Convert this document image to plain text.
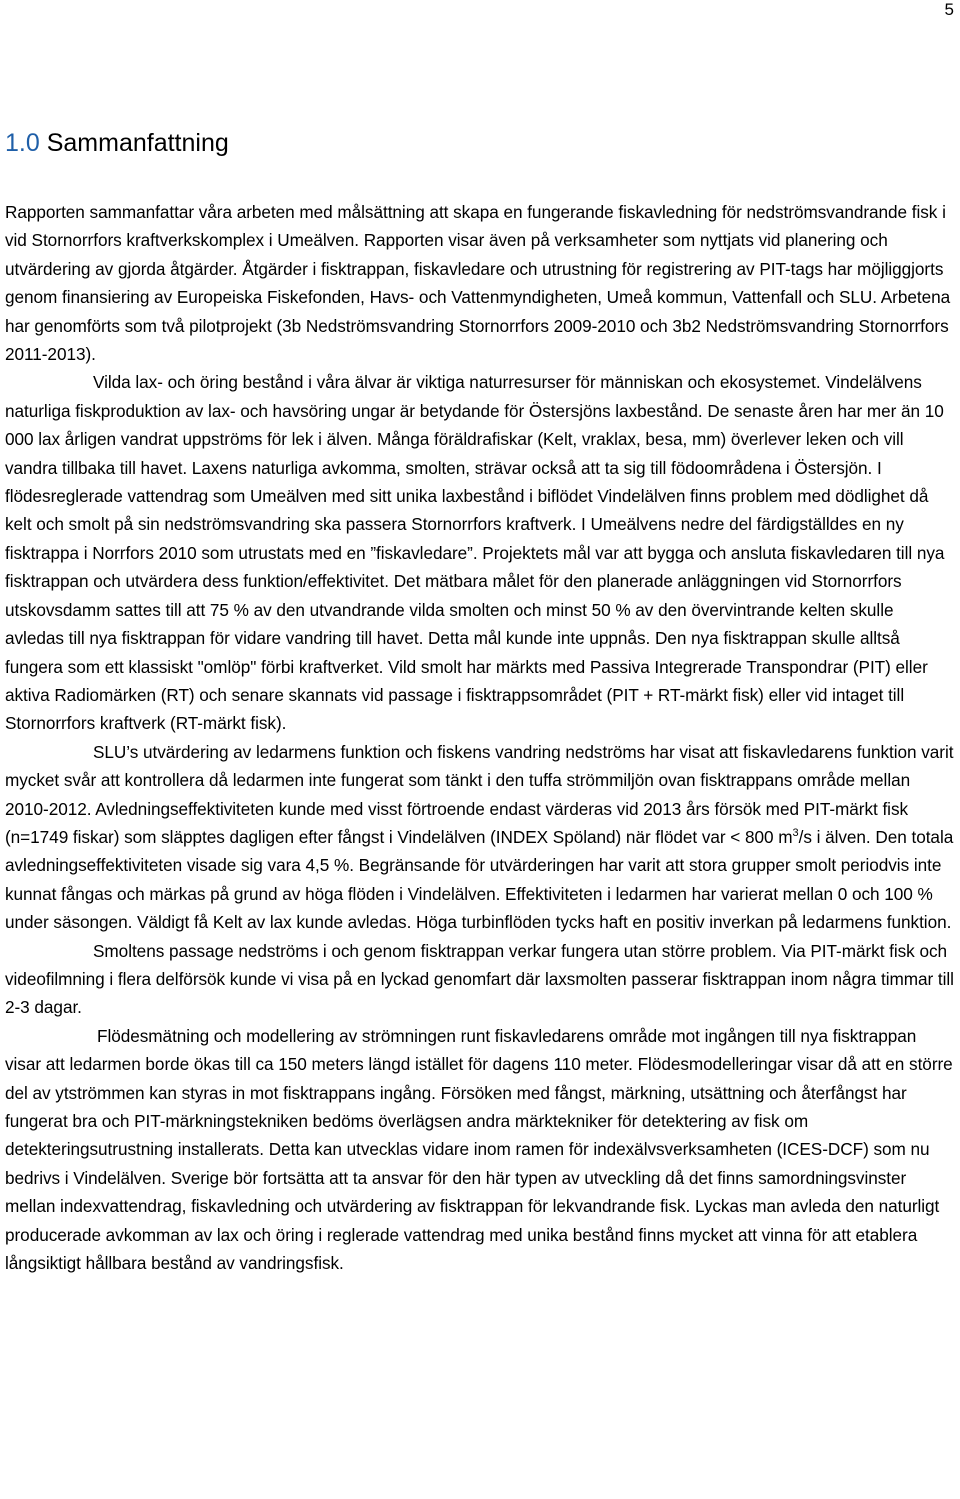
5
1.0 Sammanfattning

Rapporten sammanfattar våra arbeten med målsättning att skapa en fungerande fiskavledning för nedströmsvandrande fisk i vid Stornorrfors kraftverkskomplex i Umeälven. Rapporten visar även på verksamheter som nyttjats vid planering och utvärdering av gjorda åtgärder. Åtgärder i fisktrappan, fiskavledare och utrustning för registrering av PIT-tags har möjliggjorts genom finansiering av Europeiska Fiskefonden, Havs- och Vattenmyndigheten, Umeå kommun, Vattenfall och SLU. Arbetena har genomförts som två pilotprojekt (3b Nedströmsvandring Stornorrfors 2009-2010 och 3b2 Nedströmsvandring Stornorrfors 2011-2013).

Vilda lax- och öring bestånd i våra älvar är viktiga naturresurser för människan och ekosystemet. Vindelälvens naturliga fiskproduktion av lax- och havsöring ungar är betydande för Östersjöns laxbestånd. De senaste åren har mer än 10 000 lax årligen vandrat uppströms för lek i älven. Många föräldrafiskar (Kelt, vraklax, besa, mm) överlever leken och vill vandra tillbaka till havet. Laxens naturliga avkomma, smolten, strävar också att ta sig till födoområdena i Östersjön. I flödesreglerade vattendrag som Umeälven med sitt unika laxbestånd i biflödet Vindelälven finns problem med dödlighet då kelt och smolt på sin nedströmsvandring ska passera Stornorrfors kraftverk. I Umeälvens nedre del färdigställdes en ny fisktrappa i Norrfors 2010 som utrustats med en ”fiskavledare”. Projektets mål var att bygga och ansluta fiskavledaren till nya fisktrappan och utvärdera dess funktion/effektivitet. Det mätbara målet för den planerade anläggningen vid Stornorrfors utskovsdamm sattes till att 75 % av den utvandrande vilda smolten och minst 50 % av den övervintrande kelten skulle avledas till nya fisktrappan för vidare vandring till havet. Detta mål kunde inte uppnås. Den nya fisktrappan skulle alltså fungera som ett klassiskt "omlöp" förbi kraftverket. Vild smolt har märkts med Passiva Integrerade Transpondrar (PIT) eller aktiva Radiomärken (RT) och senare skannats vid passage i fisktrappsområdet (PIT + RT-märkt fisk) eller vid intaget till Stornorrfors kraftverk (RT-märkt fisk).

SLU’s utvärdering av ledarmens funktion och fiskens vandring nedströms har visat att fiskavledarens funktion varit mycket svår att kontrollera då ledarmen inte fungerat som tänkt i den tuffa strömmiljön ovan fisktrappans område mellan 2010-2012. Avledningseffektiviteten kunde med visst förtroende endast värderas vid 2013 års försök med PIT-märkt fisk (n=1749 fiskar) som släpptes dagligen efter fångst i Vindelälven (INDEX Spöland) när flödet var < 800 $m^3/s$ i älven. Den totala avledningseffektiviteten visade sig vara 4,5 %. Begränsande för utvärderingen har varit att stora grupper smolt periodvis inte kunnat fångas och märkas på grund av höga flöden i Vindelälven. Effektiviteten i ledarmen har varierat mellan 0 och 100 % under säsongen. Väldigt få Kelt av lax kunde avledas. Höga turbinflöden tycks haft en positiv inverkan på ledarmens funktion.

Smoltens passage nedströms i och genom fisktrappan verkar fungera utan större problem. Via PIT-märkt fisk och videofilmning i flera delförsök kunde vi visa på en lyckad genomfart där laxsmolten passerar fisktrappan inom några timmar till 2-3 dagar.

Flödesmätning och modellering av strömningen runt fiskavledarens område mot ingången till nya fisktrappan visar att ledarmen borde ökas till ca 150 meters längd istället för dagens 110 meter. Flödesmodelleringar visar då att en större del av ytströmmen kan styras in mot fisktrappans ingång. Försöken med fångst, märkning, utsättning och återfångst har fungerat bra och PIT-märkningstekniken bedöms överlägsen andra märktekniker för detektering av fisk om detekteringsutrustning installerats. Detta kan utvecklas vidare inom ramen för indexälvsverksamheten (ICES-DCF) som nu bedrivs i Vindelälven. Sverige bör fortsätta att ta ansvar för den här typen av utveckling då det finns samordningsvinster mellan indexvattendrag, fiskavledning och utvärdering av fisktrappan för lekvandrande fisk. Lyckas man avleda den naturligt producerade avkomman av lax och öring i reglerade vattendrag med unika bestånd finns mycket att vinna för att etablera långsiktigt hållbara bestånd av vandringsfisk.
